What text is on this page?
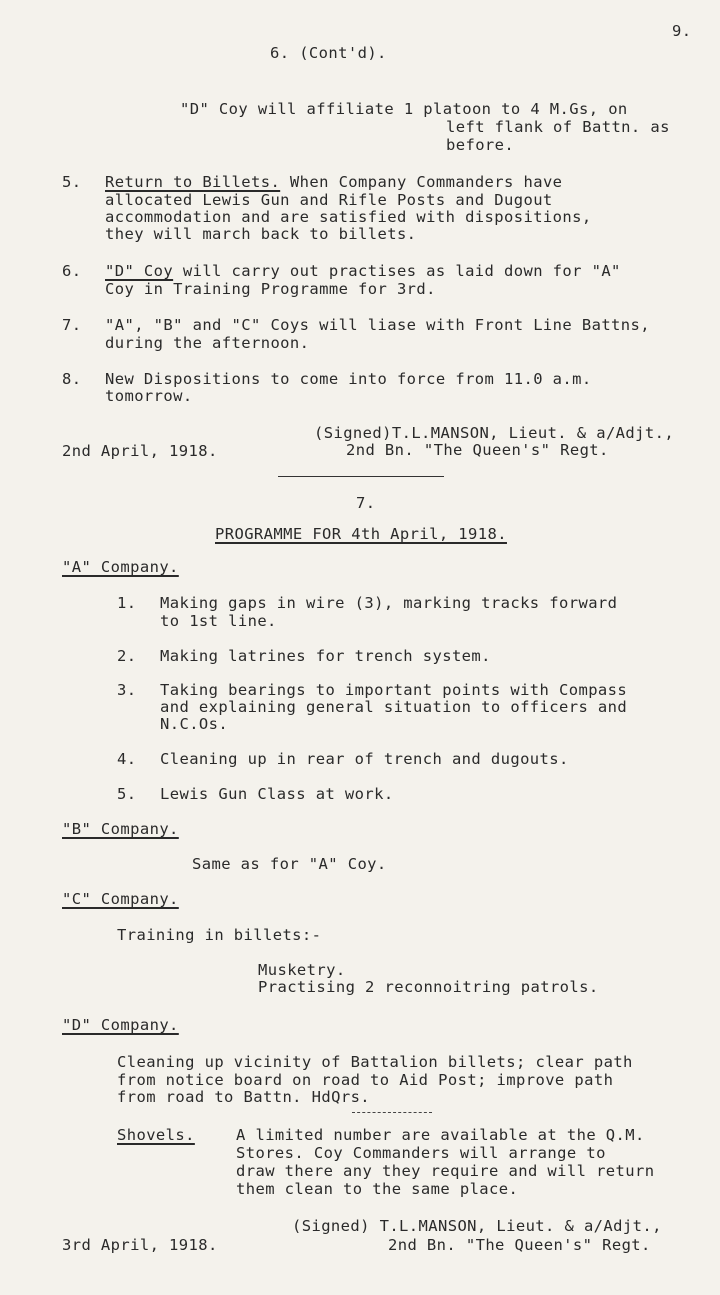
9.
6. (Cont'd).
"D" Coy will affiliate 1 platoon to 4 M.Gs, on
left flank of Battn. as
before.
5. Return to Billets. When Company Commanders have
allocated Lewis Gun and Rifle Posts and Dugout
accommodation and are satisfied with dispositions,
they will march back to billets.
6. "D" Coy will carry out practises as laid down for "A"
Coy in Training Programme for 3rd.
7. "A", "B" and "C" Coys will liase with Front Line Battns,
during the afternoon.
8. New Dispositions to come into force from 11.0 a.m.
tomorrow.
(Signed)T.L.MANSON, Lieut. & a/Adjt.,
2nd April, 1918.	2nd Bn. "The Queen's" Regt.
7.
PROGRAMME FOR 4th April, 1918.
"A" Company.
1. Making gaps in wire (3), marking tracks forward
to 1st line.
2. Making latrines for trench system.
3. Taking bearings to important points with Compass
and explaining general situation to officers and
N.C.Os.
4. Cleaning up in rear of trench and dugouts.
5. Lewis Gun Class at work.
"B" Company.
Same as for "A" Coy.
"C" Company.
Training in billets:-
Musketry.
Practising 2 reconnoitring patrols.
"D" Company.
Cleaning up vicinity of Battalion billets; clear path
from notice board on road to Aid Post; improve path
from road to Battn. HdQrs.
Shovels.	A limited number are available at the Q.M.
Stores. Coy Commanders will arrange to
draw there any they require and will return
them clean to the same place.
(Signed) T.L.MANSON, Lieut. & a/Adjt.,
3rd April, 1918.	2nd Bn. "The Queen's" Regt.
